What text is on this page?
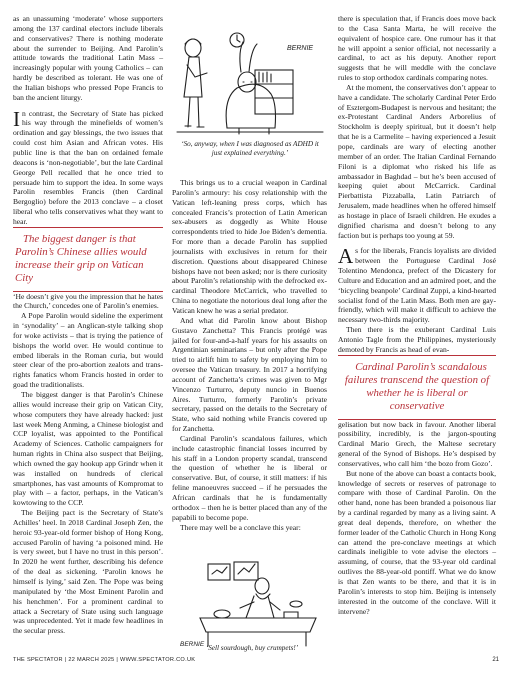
as an unassuming ‘moderate’ whose supporters among the 137 cardinal electors include liberals and conservatives? There is nothing moderate about the surrender to Beijing. And Parolin’s attitude towards the traditional Latin Mass – increasingly popular with young Catholics – can hardly be described as tolerant. He was one of the Italian bishops who pressed Pope Francis to ban the ancient liturgy.

In contrast, the Secretary of State has picked his way through the minefields of women’s ordination and gay blessings, the two issues that could cost him Asian and African votes. His public line is that the ban on ordained female deacons is ‘non-negotiable’, but the late Cardinal George Pell recalled that he once tried to persuade him to support the idea. In some ways Parolin resembles Francis (then Cardinal Bergoglio) before the 2013 conclave – a closet liberal who tells conservatives what they want to hear.

The biggest danger is that Parolin’s Chinese allies would increase their grip on Vatican City

‘He doesn’t give you the impression that he hates the Church,’ concedes one of Parolin’s enemies.

A Pope Parolin would sideline the experiment in ‘synodality’ – an Anglican-style talking shop for woke activists – that is trying the patience of bishops the world over. He would continue to embed liberals in the Roman curia, but would steer clear of the pro-abortion zealots and trans-rights fanatics whom Francis hosted in order to goad the traditionalists.

The biggest danger is that Parolin’s Chinese allies would increase their grip on Vatican City, whose computers they have already hacked: just last week Meng Anming, a Chinese biologist and CCP loyalist, was appointed to the Pontifical Academy of Sciences. Catholic campaigners for human rights in China also suspect that Beijing, which owned the gay hookup app Grindr when it was installed on hundreds of clerical smartphones, has vast amounts of Kompromat to play with – a factor, perhaps, in the Vatican’s kowtowing to the CCP.

The Beijing pact is the Secretary of State’s Achilles’ heel. In 2018 Cardinal Joseph Zen, the heroic 93-year-old former bishop of Hong Kong, accused Parolin of having ‘a poisoned mind. He is very sweet, but I have no trust in this person’. In 2020 he went further, describing his defence of the deal as sickening. ‘Parolin knows he himself is lying,’ said Zen. The Pope was being manipulated by ‘the Most Eminent Parolin and his henchmen’. For a prominent cardinal to attack a Secretary of State using such language was unprecedented. Yet it made few headlines in the secular press.

BERNIE
‘So, anyway, when I was diagnosed as ADHD it just explained everything.’

This brings us to a crucial weapon in Cardinal Parolin’s armoury: his cosy relationship with the Vatican left-leaning press corps, which has concealed Francis’s protection of Latin American sex-abusers as doggedly as White House correspondents tried to hide Joe Biden’s dementia. For more than a decade Parolin has supplied journalists with exclusives in return for their discretion. Questions about disappeared Chinese bishops have not been asked; nor is there curiosity about Parolin’s relationship with the defrocked ex-cardinal Theodore McCarrick, who travelled to China to negotiate the notorious deal long after the Vatican knew he was a serial predator.

And what did Parolin know about Bishop Gustavo Zanchetta? This Francis protégé was jailed for four-and-a-half years for his assaults on Argentinian seminarians – but only after the Pope tried to airlift him to safety by employing him to oversee the Vatican treasury. In 2017 a horrifying account of Zanchetta’s crimes was given to Mgr Vincenzo Turturro, deputy nuncio in Buenos Aires. Turturro, formerly Parolin’s private secretary, passed on the details to the Secretary of State, who said nothing while Francis covered up for Zanchetta.

Cardinal Parolin’s scandalous failures, which include catastrophic financial losses incurred by his staff in a London property scandal, transcend the question of whether he is liberal or conservative. But, of course, it still matters: if his feline manoeuvres succeed – if he persuades the African cardinals that he is fundamentally orthodox – then he is better placed than any of the papabili to become pope.

There may well be a conclave this year:

BERNIE ‘Sell sourdough, buy crumpets!’

there is speculation that, if Francis does move back to the Casa Santa Marta, he will receive the equivalent of hospice care. One rumour has it that he will appoint a senior official, not necessarily a cardinal, to act as his deputy. Another report suggests that he will meddle with the conclave rules to stop orthodox cardinals comparing notes.

At the moment, the conservatives don’t appear to have a candidate. The scholarly Cardinal Peter Erdo of Esztergom-Budapest is nervous and hesitant; the ex-Protestant Cardinal Anders Arborelius of Stockholm is deeply spiritual, but it doesn’t help that he is a Carmelite – having experienced a Jesuit pope, cardinals are wary of electing another member of an order. The Italian Cardinal Fernando Filoni is a diplomat who risked his life as ambassador in Baghdad – but he’s been accused of keeping quiet about McCarrick. Cardinal Pierbattista Pizzaballa, Latin Patriarch of Jerusalem, made headlines when he offered himself as hostage in place of Israeli children. He exudes a dignified charisma and doesn’t belong to any faction but is perhaps too young at 59.

As for the liberals, Francis loyalists are divided between the Portuguese Cardinal José Tolentino Mendonca, prefect of the Dicastery for Culture and Education and an admired poet, and the ‘bicycling beanpole’ Cardinal Zuppi, a kind-hearted socialist fond of the Latin Mass. Both men are gay-friendly, which will make it difficult to achieve the necessary two-thirds majority.

Then there is the exuberant Cardinal Luis Antonio Tagle from the Philippines, mysteriously demoted by Francis as head of evan-

Cardinal Parolin’s scandalous failures transcend the question of whether he is liberal or conservative

gelisation but now back in favour. Another liberal possibility, incredibly, is the jargon-spouting Cardinal Mario Grech, the Maltese secretary general of the Synod of Bishops. He’s despised by conservatives, who call him ‘the bozo from Gozo’.

But none of the above can boast a contacts book, knowledge of secrets or reserves of patronage to compare with those of Cardinal Parolin. On the other hand, none has been branded a poisonous liar by a cardinal regarded by many as a living saint. A great deal depends, therefore, on whether the former leader of the Catholic Church in Hong Kong can attend the pre-conclave meetings at which cardinals ineligible to vote advise the electors – assuming, of course, that the 93-year old cardinal outlives the 88-year-old pontiff. What we do know is that Zen wants to be there, and that it is in Parolin’s interests to stop him. Beijing is intensely interested in the outcome of the conclave. Will it intervene?

THE SPECTATOR | 22 MARCH 2025 | WWW.SPECTATOR.CO.UK	21
